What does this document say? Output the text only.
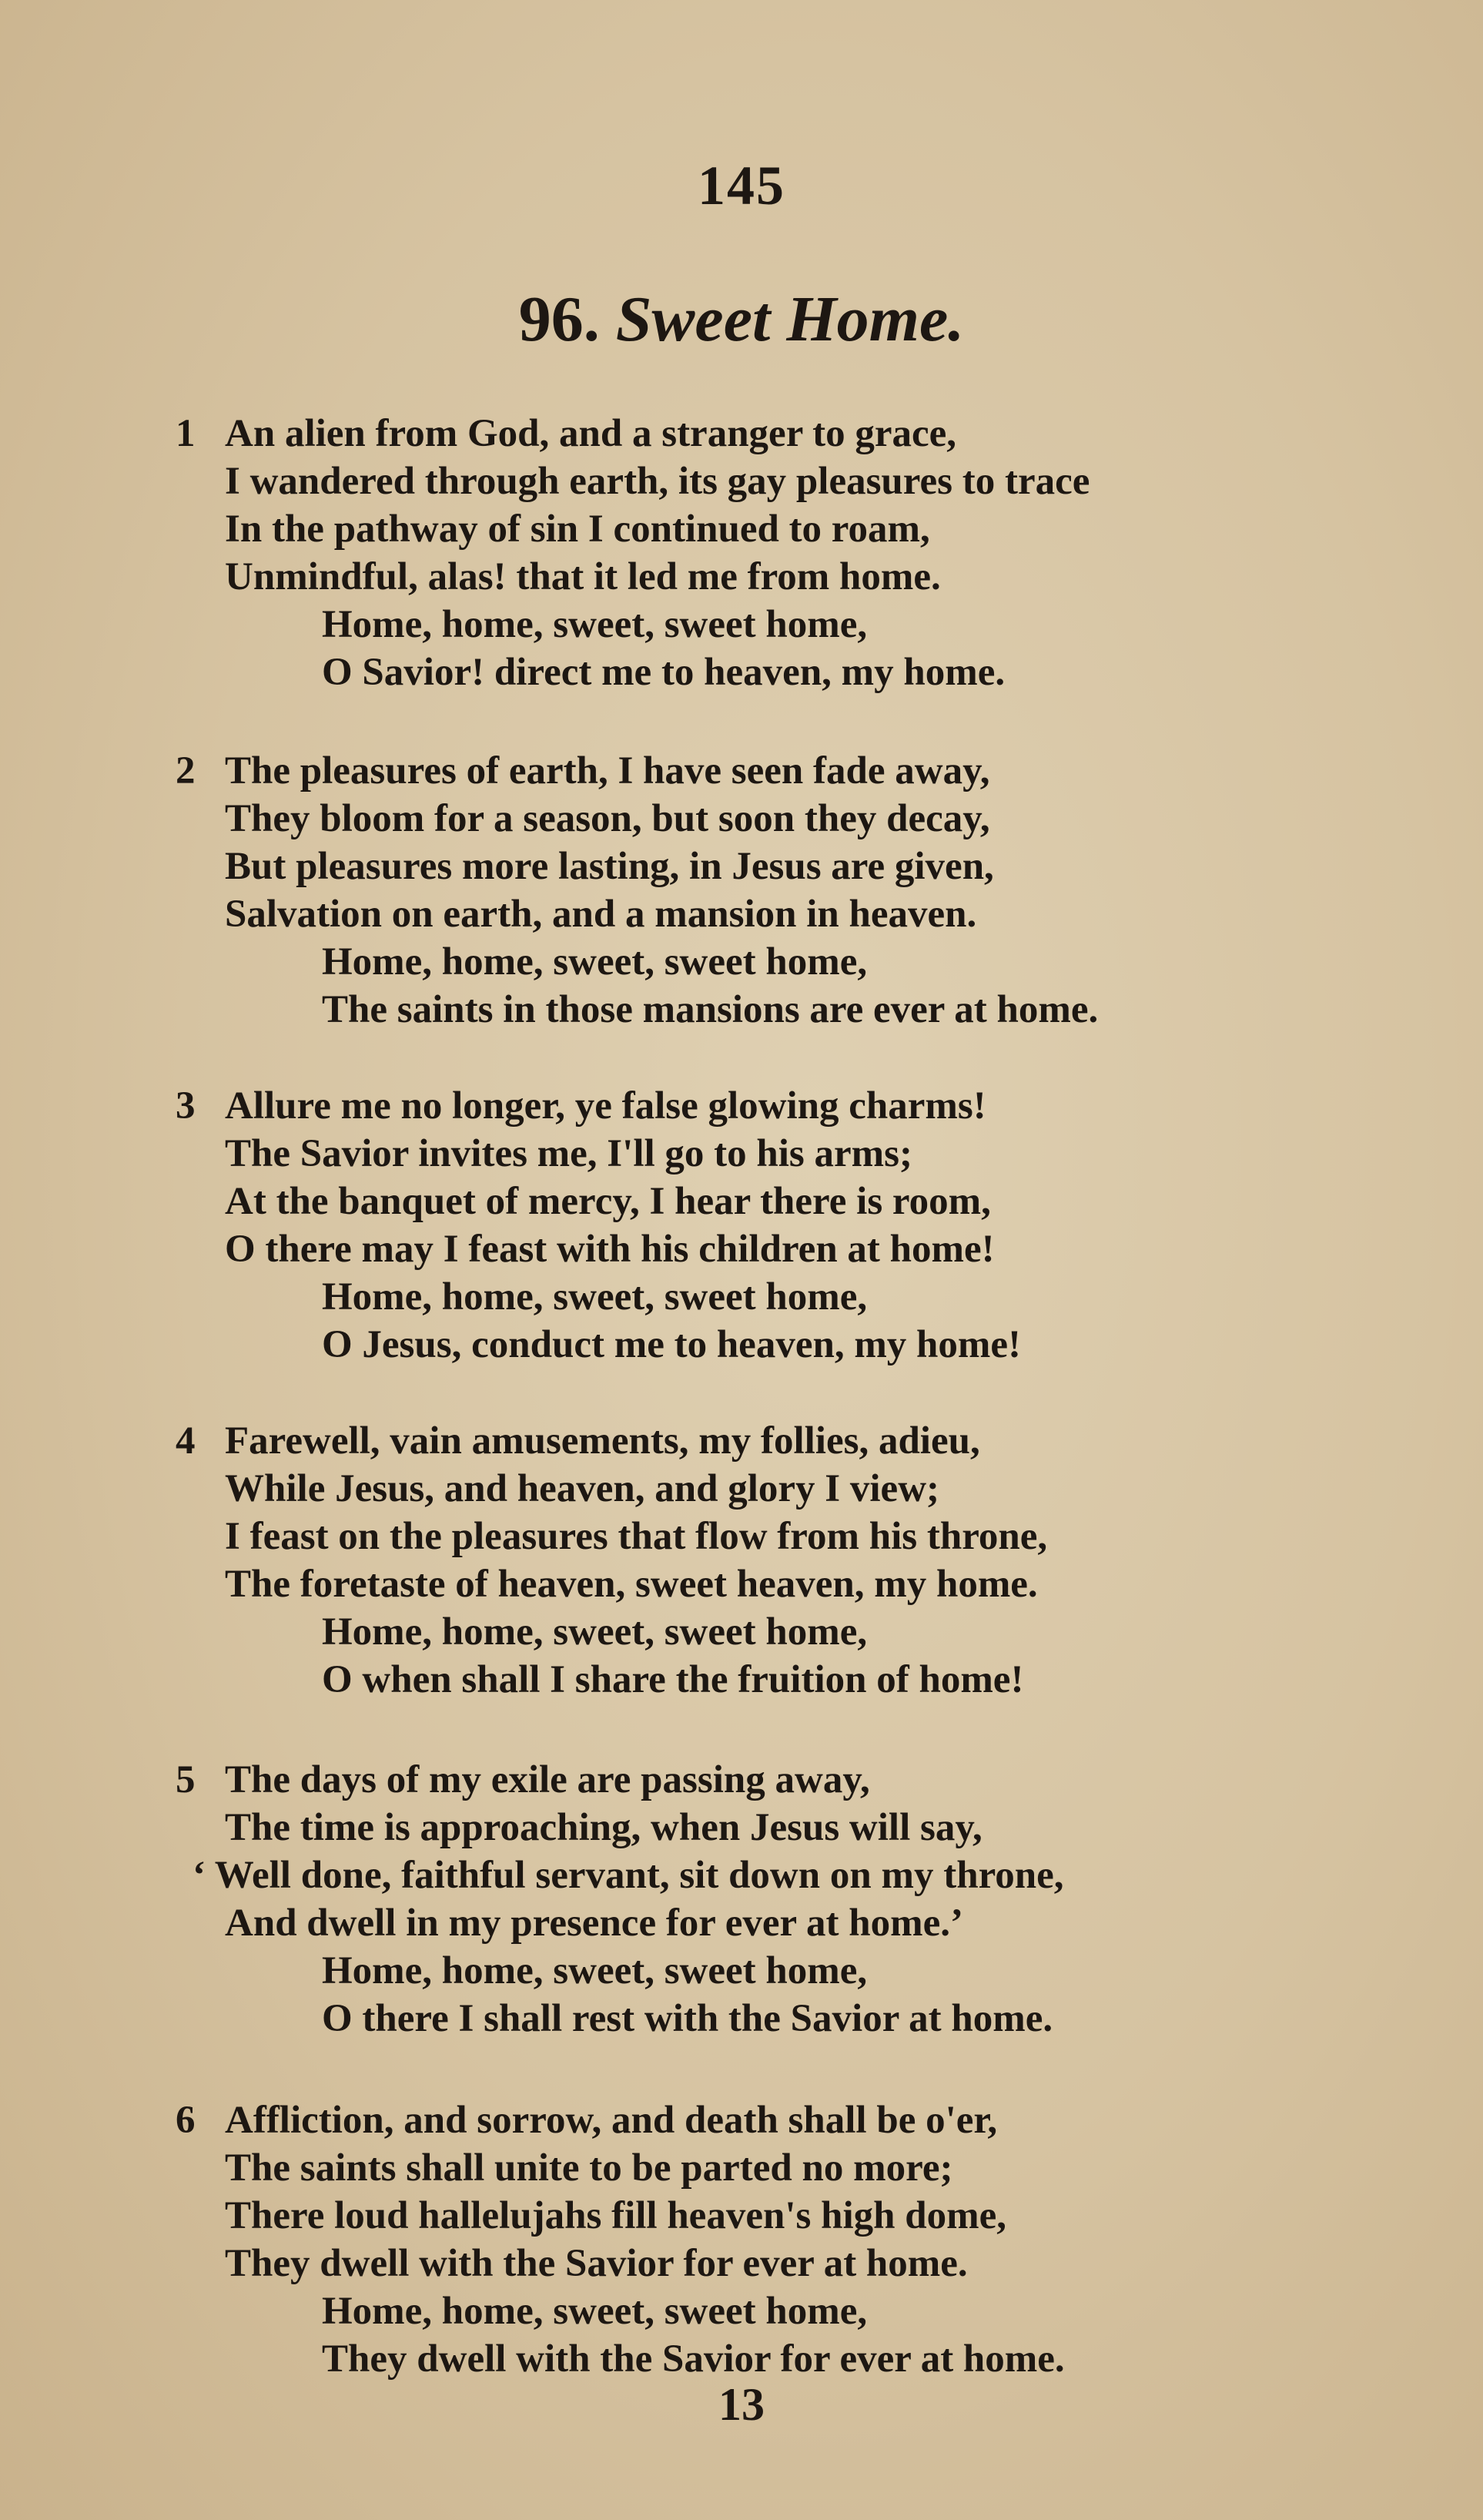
145
96. Sweet Home.
1 An alien from God, and a stranger to grace,
I wandered through earth, its gay pleasures to trace
In the pathway of sin I continued to roam,
Unmindful, alas! that it led me from home.
Home, home, sweet, sweet home,
O Savior! direct me to heaven, my home.
2 The pleasures of earth, I have seen fade away,
They bloom for a season, but soon they decay,
But pleasures more lasting, in Jesus are given,
Salvation on earth, and a mansion in heaven.
Home, home, sweet, sweet home,
The saints in those mansions are ever at home.
3 Allure me no longer, ye false glowing charms!
The Savior invites me, I'll go to his arms;
At the banquet of mercy, I hear there is room,
O there may I feast with his children at home!
Home, home, sweet, sweet home,
O Jesus, conduct me to heaven, my home!
4 Farewell, vain amusements, my follies, adieu,
While Jesus, and heaven, and glory I view;
I feast on the pleasures that flow from his throne,
The foretaste of heaven, sweet heaven, my home.
Home, home, sweet, sweet home,
O when shall I share the fruition of home!
5 The days of my exile are passing away,
The time is approaching, when Jesus will say,
‘ Well done, faithful servant, sit down on my throne,
And dwell in my presence for ever at home.’
Home, home, sweet, sweet home,
O there I shall rest with the Savior at home.
6 Affliction, and sorrow, and death shall be o'er,
The saints shall unite to be parted no more;
There loud hallelujahs fill heaven's high dome,
They dwell with the Savior for ever at home.
Home, home, sweet, sweet home,
They dwell with the Savior for ever at home.
13
